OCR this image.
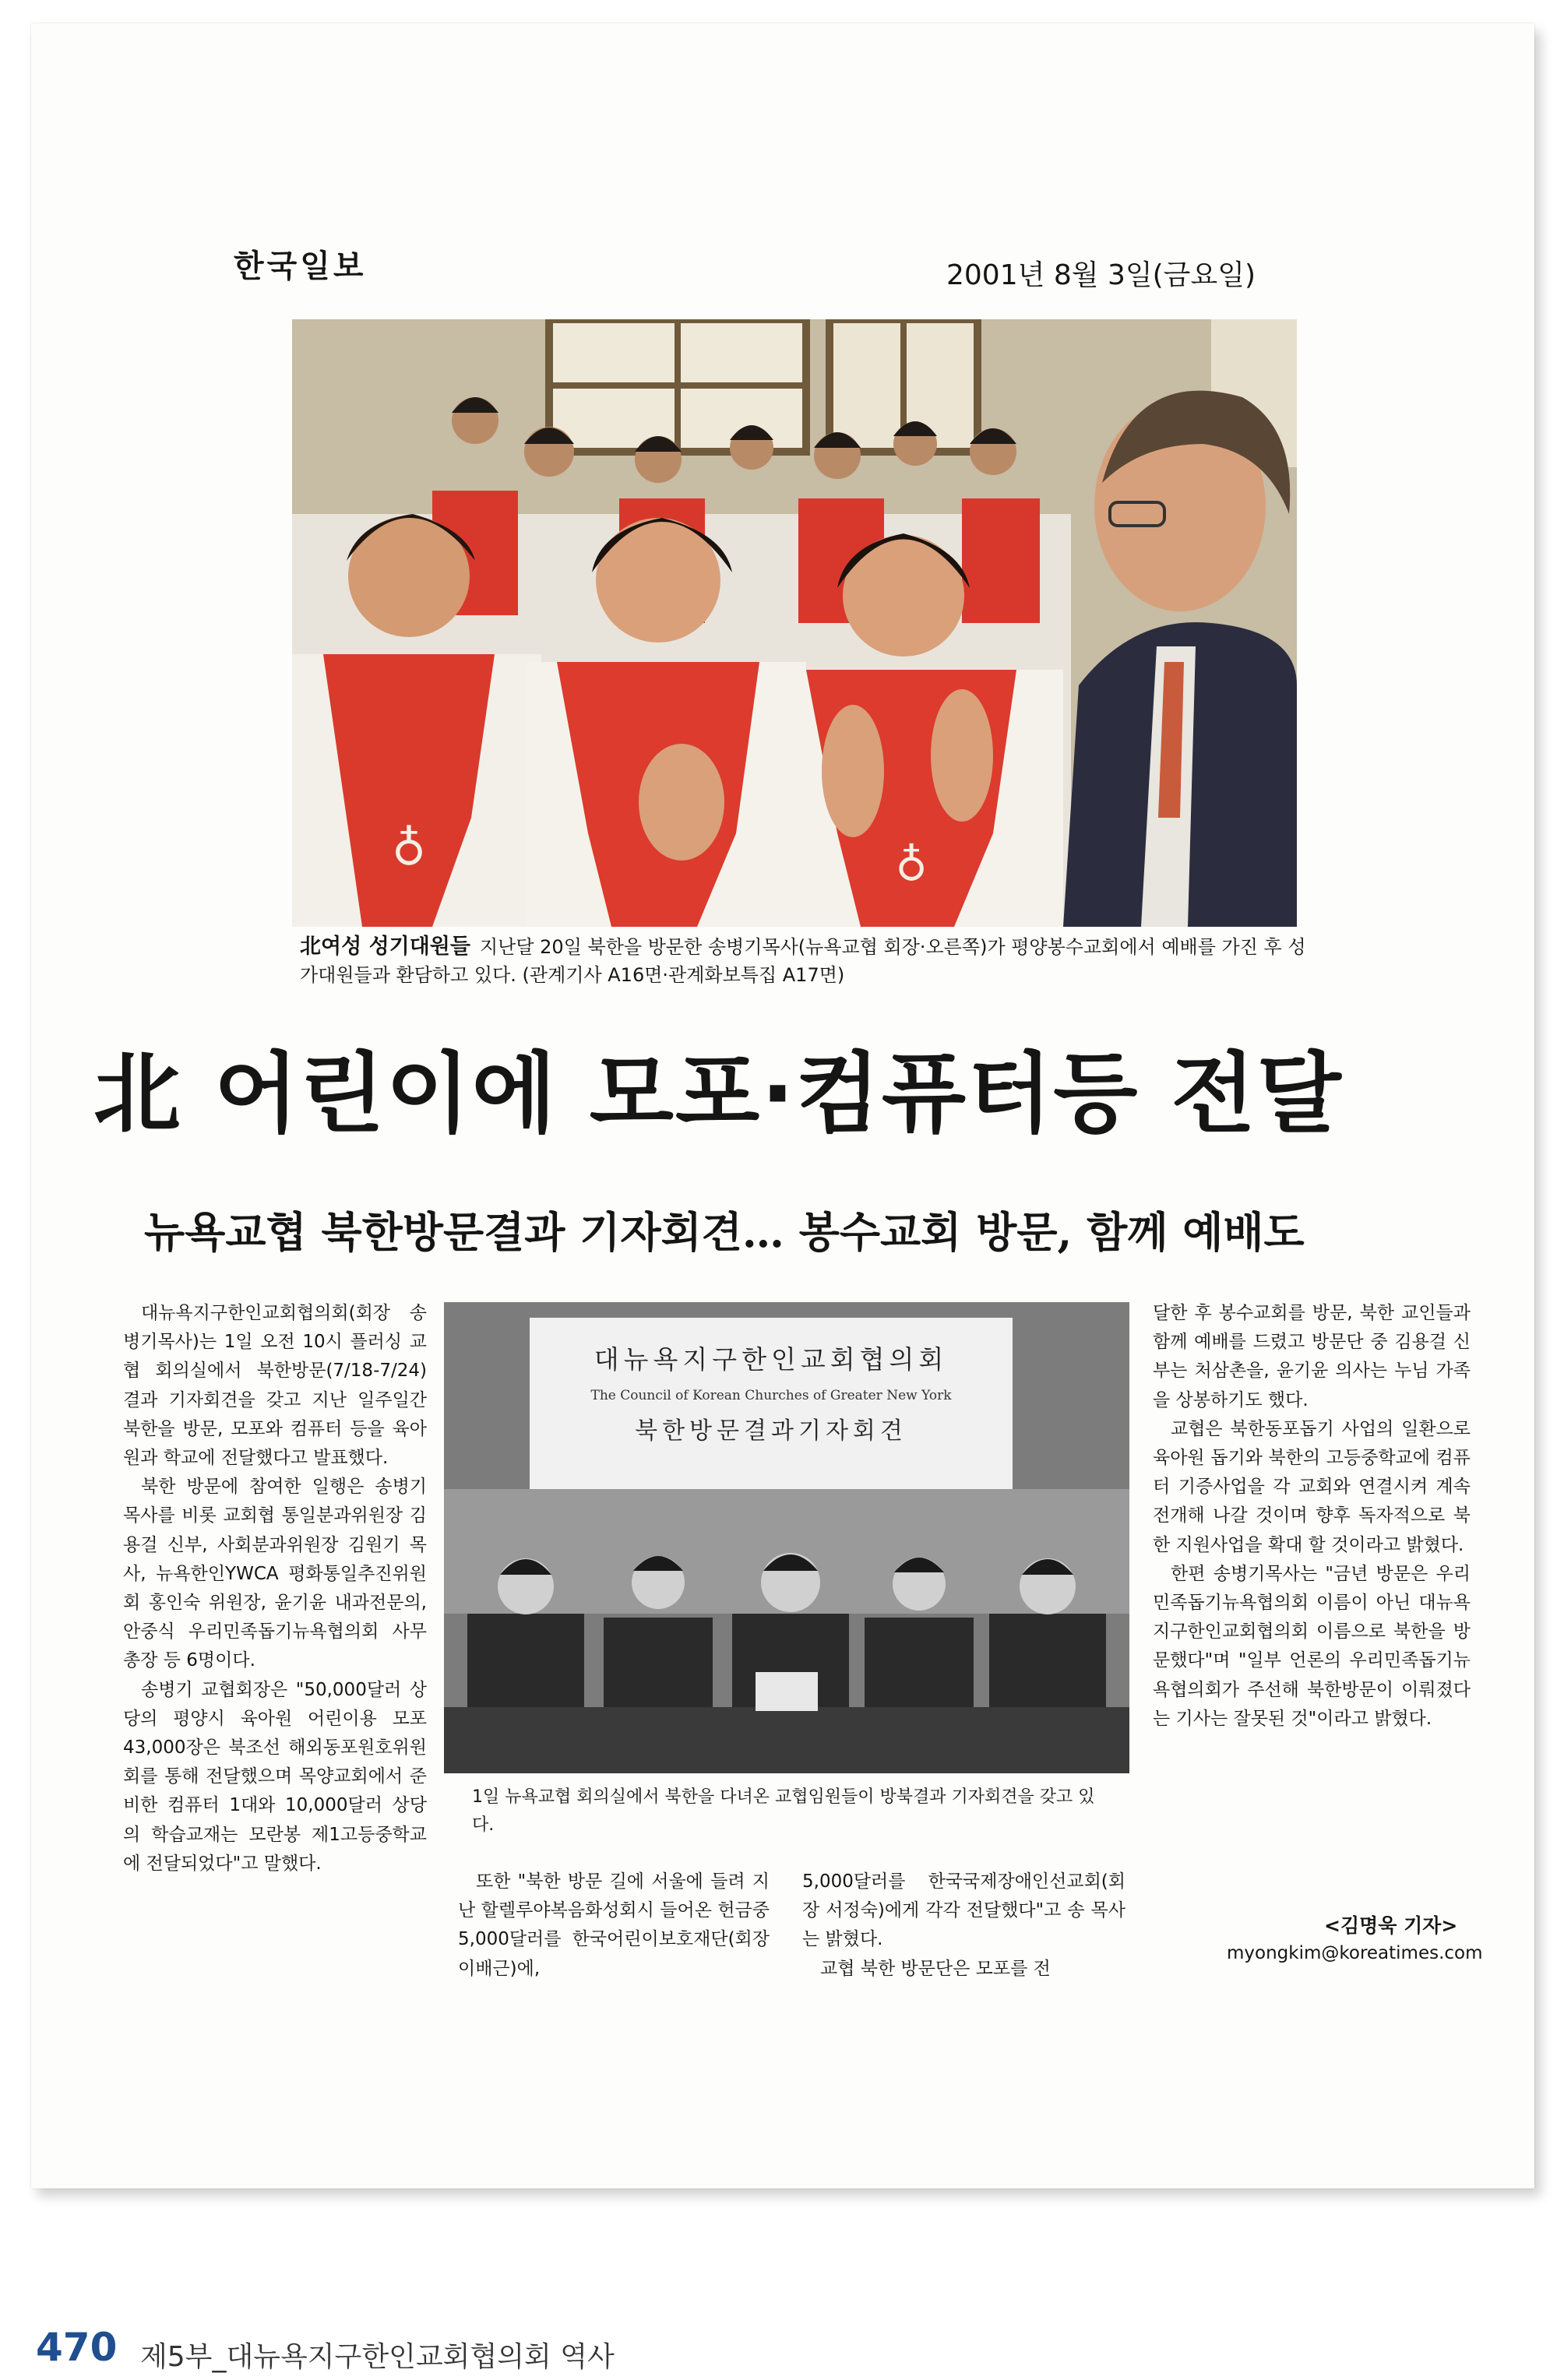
한국일보	2001년 8월 3일(금요일)
♁	♁
北여성 성기대원들 지난달 20일 북한을 방문한 송병기목사(뉴욕교협 회장·오른쪽)가 평양봉수교회에서 예배를 가진 후 성가대원들과 환담하고 있다. (관계기사 A16면·관계화보특집 A17면)
北 어린이에 모포·컴퓨터등 전달
뉴욕교협 북한방문결과 기자회견… 봉수교회 방문, 함께 예배도

대뉴욕지구한인교회협의회(회장 송병기목사)는 1일 오전 10시 플러싱 교협 회의실에서 북한방문(7/18-7/24) 결과 기자회견을 갖고 지난 일주일간 북한을 방문, 모포와 컴퓨터 등을 육아원과 학교에 전달했다고 발표했다.

북한 방문에 참여한 일행은 송병기 목사를 비롯 교회협 통일분과위원장 김용걸 신부, 사회분과위원장 김원기 목사, 뉴욕한인YWCA 평화통일추진위원회 홍인숙 위원장, 윤기윤 내과전문의, 안중식 우리민족돕기뉴욕협의회 사무총장 등 6명이다.

송병기 교협회장은 "50,000달러 상당의 평양시 육아원 어린이용 모포43,000장은 북조선 해외동포원호위원회를 통해 전달했으며 목양교회에서 준비한 컴퓨터 1대와 10,000달러 상당의 학습교재는 모란봉 제1고등중학교에 전달되었다"고 말했다.

대뉴욕지구한인교회협의회
The Council of Korean Churches of Greater New York
북한방문결과기자회견
1일 뉴욕교협 회의실에서 북한을 다녀온 교협임원들이 방북결과 기자회견을 갖고 있다.

또한 "북한 방문 길에 서울에 들려 지난 할렐루야복음화성회시 들어온 헌금중 5,000달러를 한국어린이보호재단(회장 이배근)에,

5,000달러를 한국국제장애인선교회(회장 서정숙)에게 각각 전달했다"고 송 목사는 밝혔다.

교협 북한 방문단은 모포를 전

달한 후 봉수교회를 방문, 북한 교인들과 함께 예배를 드렸고 방문단 중 김용걸 신부는 처삼촌을, 윤기윤 의사는 누님 가족을 상봉하기도 했다.

교협은 북한동포돕기 사업의 일환으로 육아원 돕기와 북한의 고등중학교에 컴퓨터 기증사업을 각 교회와 연결시켜 계속 전개해 나갈 것이며 향후 독자적으로 북한 지원사업을 확대 할 것이라고 밝혔다.

한편 송병기목사는 "금년 방문은 우리민족돕기뉴욕협의회 이름이 아닌 대뉴욕지구한인교회협의회 이름으로 북한을 방문했다"며 "일부 언론의 우리민족돕기뉴욕협의회가 주선해 북한방문이 이뤄졌다는 기사는 잘못된 것"이라고 밝혔다.

<김명욱 기자>
myongkim@koreatimes.com
470 제5부_대뉴욕지구한인교회협의회 역사
